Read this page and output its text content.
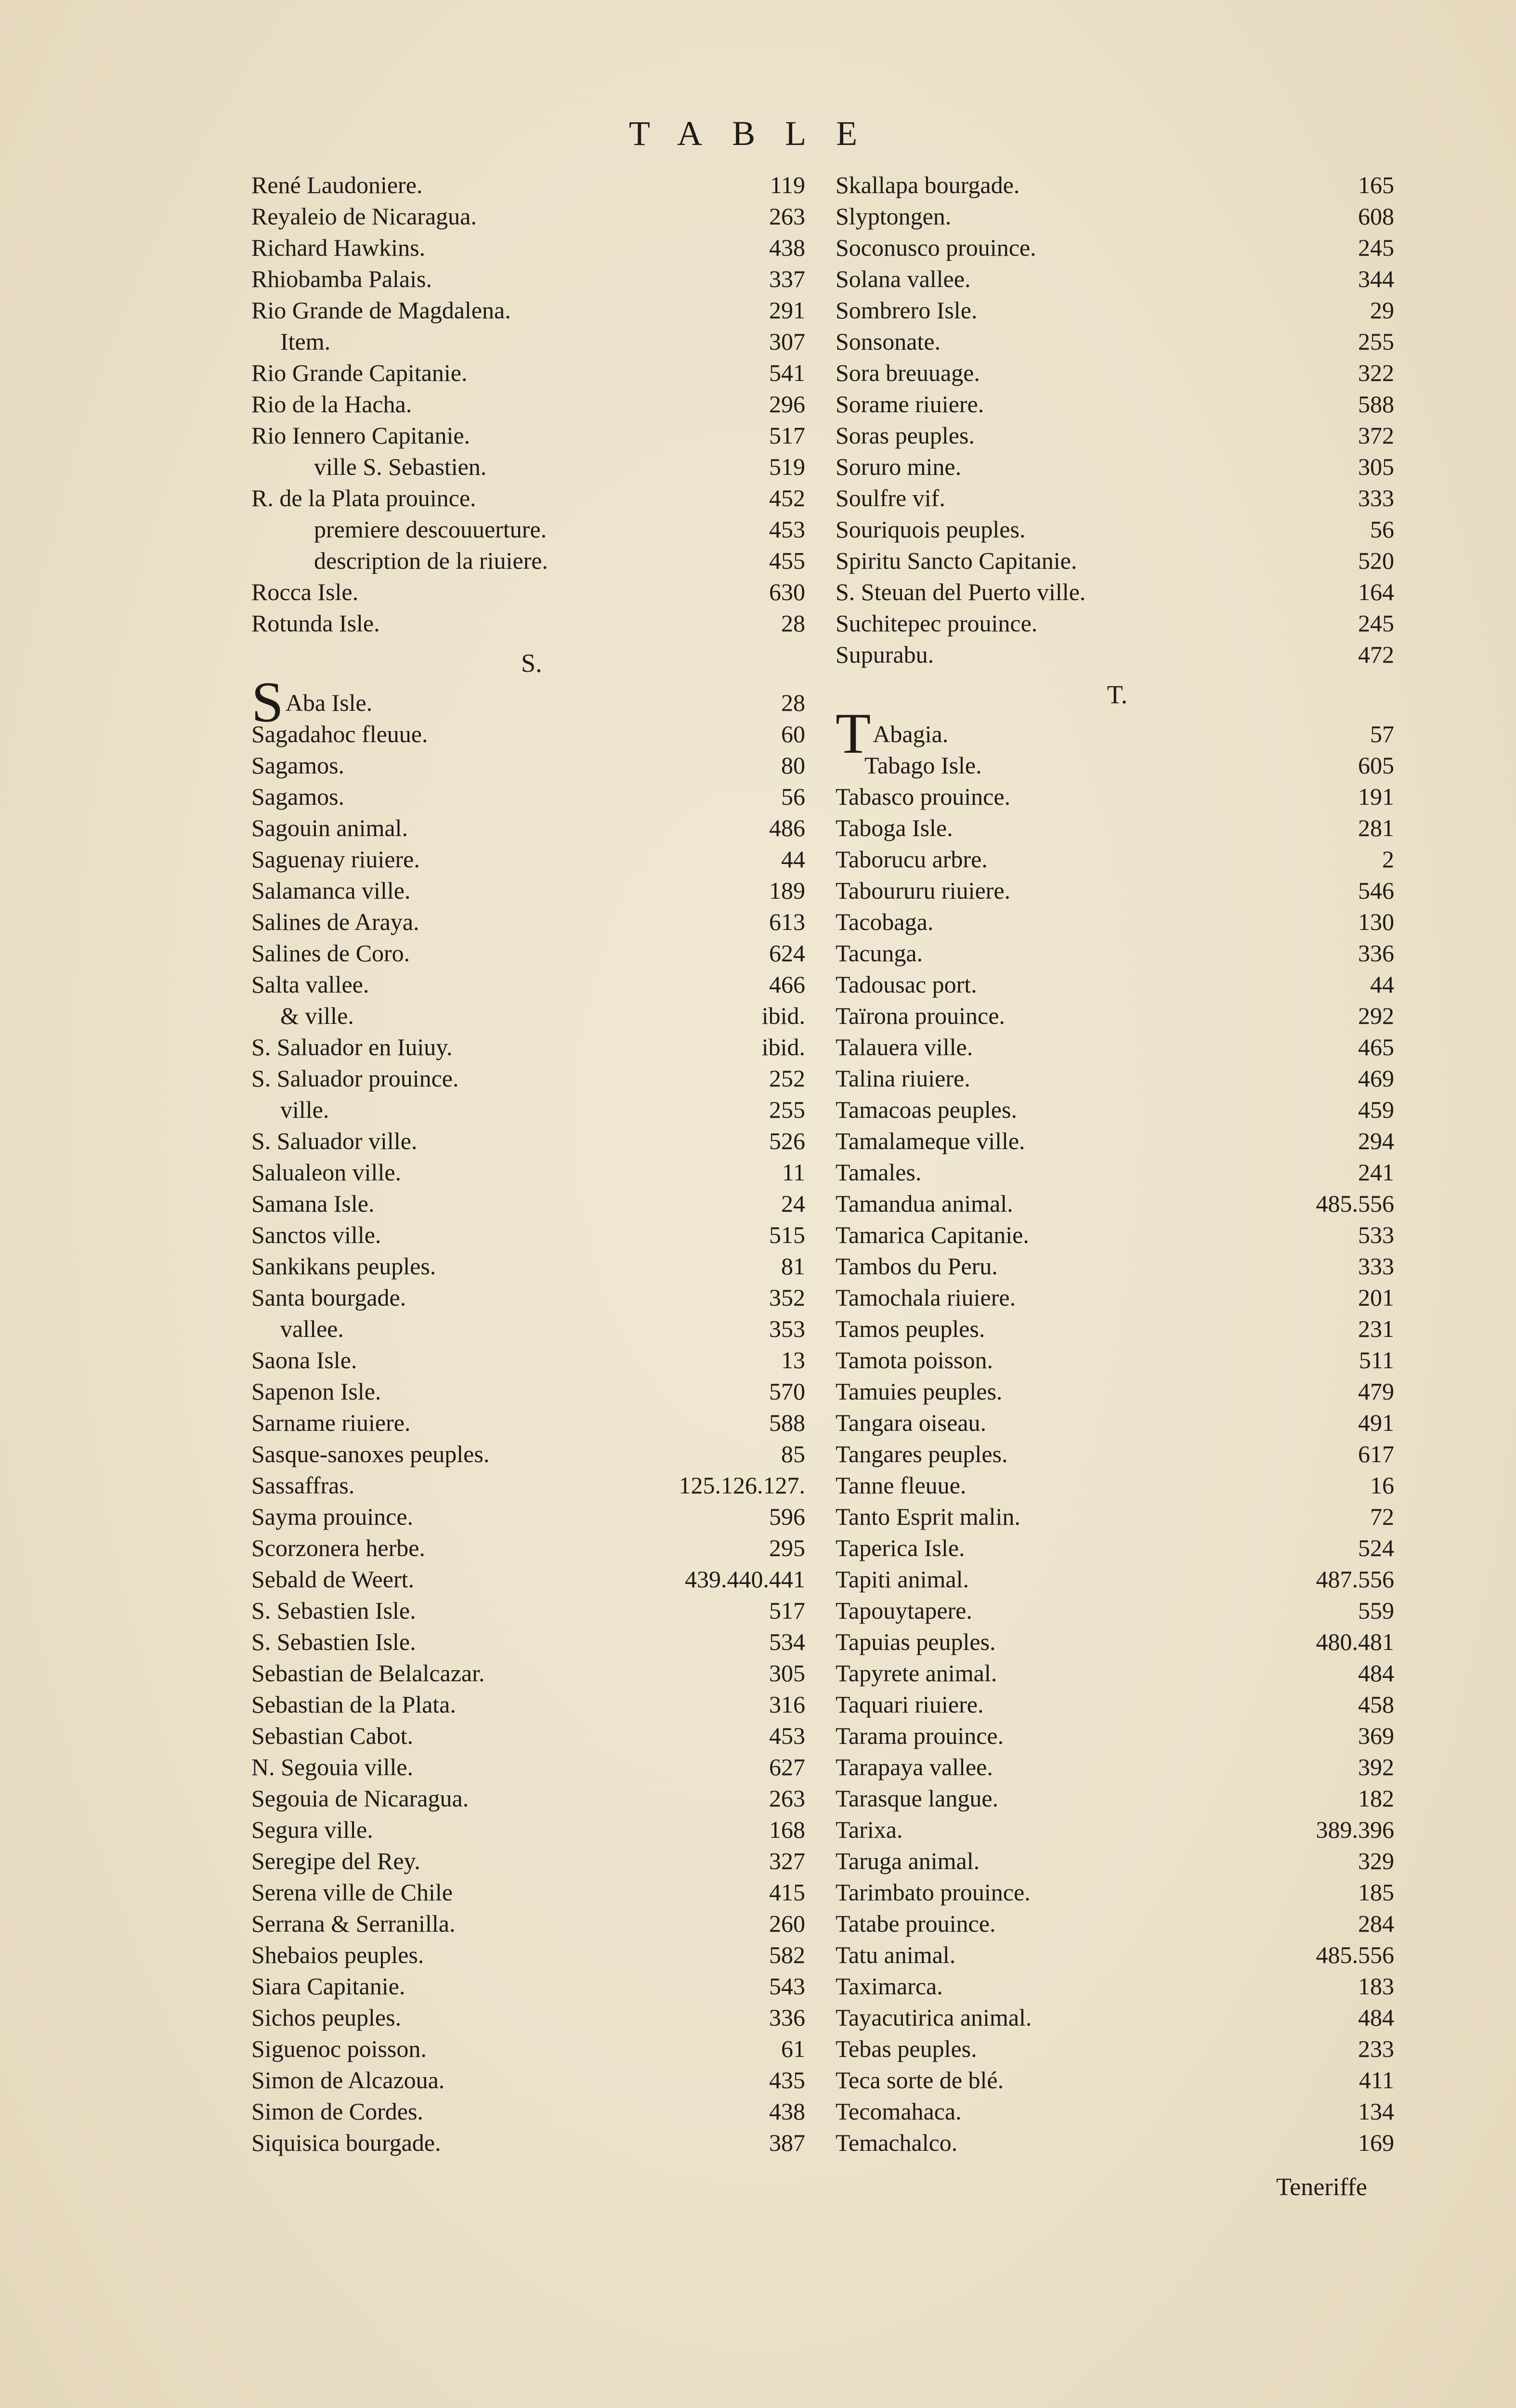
TABLE
René Laudoniere.	119
Reyaleio de Nicaragua.	263
Richard Hawkins.	438
Rhiobamba Palais.	337
Rio Grande de Magdalena.	291
Item.	307
Rio Grande Capitanie.	541
Rio de la Hacha.	296
Rio Iennero Capitanie.	517
ville S. Sebastien.	519
R. de la Plata prouince.	452
premiere descouuerture.	453
description de la riuiere.	455
Rocca Isle.	630
Rotunda Isle.	28
S.
SAba Isle.	28
Sagadahoc fleuue.	60
Sagamos.	80
Sagamos.	56
Sagouin animal.	486
Saguenay riuiere.	44
Salamanca ville.	189
Salines de Araya.	613
Salines de Coro.	624
Salta vallee.	466
& ville.	ibid.
S. Saluador en Iuiuy.	ibid.
S. Saluador prouince.	252
ville.	255
S. Saluador ville.	526
Salualeon ville.	11
Samana Isle.	24
Sanctos ville.	515
Sankikans peuples.	81
Santa bourgade.	352
vallee.	353
Saona Isle.	13
Sapenon Isle.	570
Sarname riuiere.	588
Sasque-sanoxes peuples.	85
Sassaffras.	125.126.127.
Sayma prouince.	596
Scorzonera herbe.	295
Sebald de Weert.	439.440.441
S. Sebastien Isle.	517
S. Sebastien Isle.	534
Sebastian de Belalcazar.	305
Sebastian de la Plata.	316
Sebastian Cabot.	453
N. Segouia ville.	627
Segouia de Nicaragua.	263
Segura ville.	168
Seregipe del Rey.	327
Serena ville de Chile	415
Serrana & Serranilla.	260
Shebaios peuples.	582
Siara Capitanie.	543
Sichos peuples.	336
Siguenoc poisson.	61
Simon de Alcazoua.	435
Simon de Cordes.	438
Siquisica bourgade.	387
Skallapa bourgade.	165
Slyptongen.	608
Soconusco prouince.	245
Solana vallee.	344
Sombrero Isle.	29
Sonsonate.	255
Sora breuuage.	322
Sorame riuiere.	588
Soras peuples.	372
Soruro mine.	305
Soulfre vif.	333
Souriquois peuples.	56
Spiritu Sancto Capitanie.	520
S. Steuan del Puerto ville.	164
Suchitepec prouince.	245
Supurabu.	472
T.
TAbagia.	57
Tabago Isle.	605
Tabasco prouince.	191
Taboga Isle.	281
Taborucu arbre.	2
Taboururu riuiere.	546
Tacobaga.	130
Tacunga.	336
Tadousac port.	44
Taïrona prouince.	292
Talauera ville.	465
Talina riuiere.	469
Tamacoas peuples.	459
Tamalameque ville.	294
Tamales.	241
Tamandua animal.	485.556
Tamarica Capitanie.	533
Tambos du Peru.	333
Tamochala riuiere.	201
Tamos peuples.	231
Tamota poisson.	511
Tamuies peuples.	479
Tangara oiseau.	491
Tangares peuples.	617
Tanne fleuue.	16
Tanto Esprit malin.	72
Taperica Isle.	524
Tapiti animal.	487.556
Tapouytapere.	559
Tapuias peuples.	480.481
Tapyrete animal.	484
Taquari riuiere.	458
Tarama prouince.	369
Tarapaya vallee.	392
Tarasque langue.	182
Tarixa.	389.396
Taruga animal.	329
Tarimbato prouince.	185
Tatabe prouince.	284
Tatu animal.	485.556
Taximarca.	183
Tayacutirica animal.	484
Tebas peuples.	233
Teca sorte de blé.	411
Tecomahaca.	134
Temachalco.	169
Teneriffe
